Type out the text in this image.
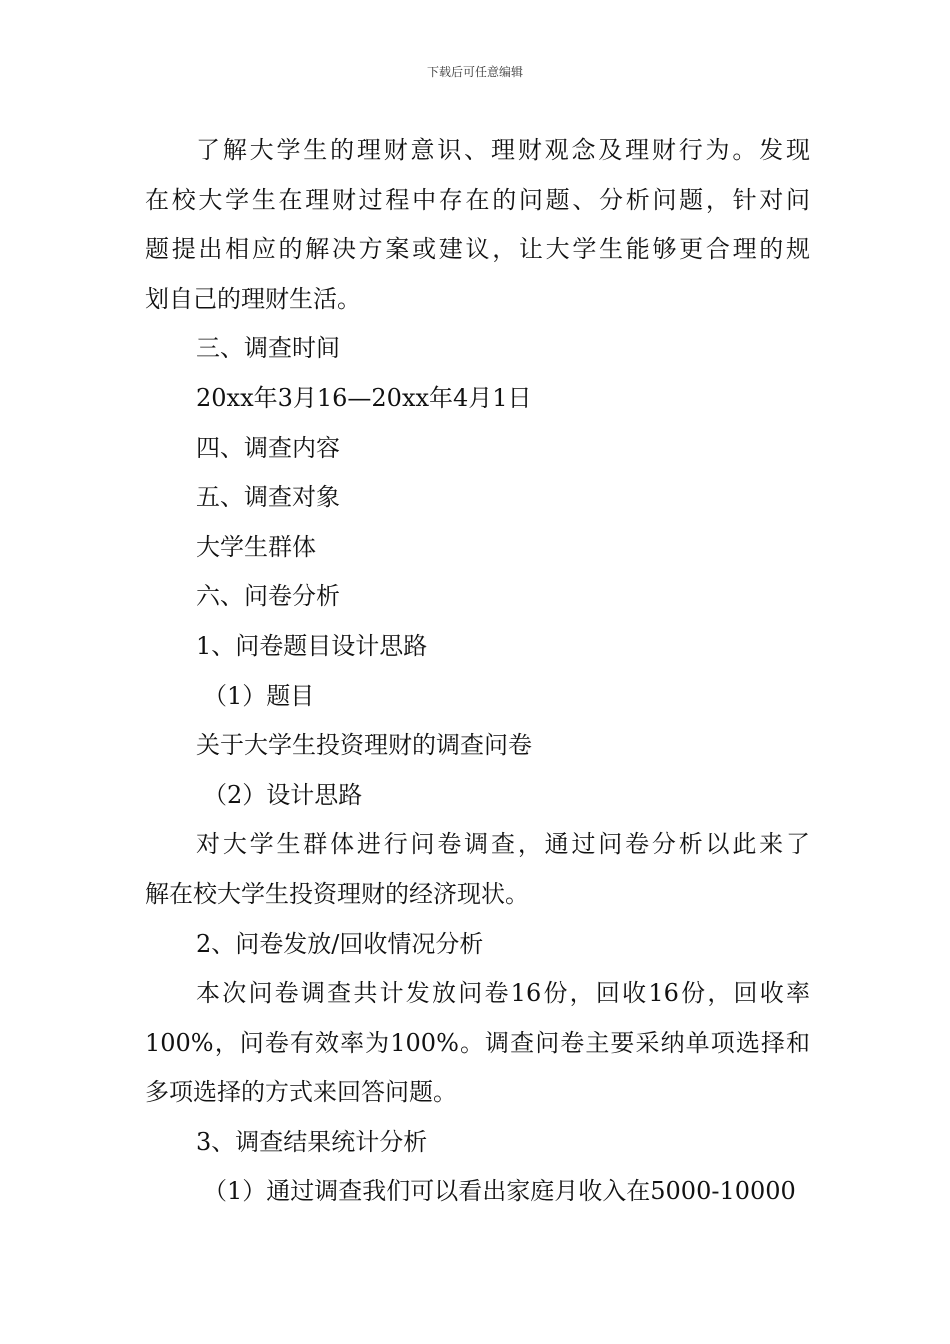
下载后可任意编辑
了解大学生的理财意识、理财观念及理财行为。发现
在校大学生在理财过程中存在的问题、分析问题，针对问
题提出相应的解决方案或建议，让大学生能够更合理的规
划自己的理财生活。
三、调查时间
20xx年3月16—20xx年4月1日
四、调查内容
五、调查对象
大学生群体
六、问卷分析
1、问卷题目设计思路
（1）题目
关于大学生投资理财的调查问卷
（2）设计思路
对大学生群体进行问卷调查，通过问卷分析以此来了
解在校大学生投资理财的经济现状。
2、问卷发放/回收情况分析
本次问卷调查共计发放问卷16份，回收16份，回收率
100%，问卷有效率为100%。调查问卷主要采纳单项选择和
多项选择的方式来回答问题。
3、调查结果统计分析
（1）通过调查我们可以看出家庭月收入在5000-10000
